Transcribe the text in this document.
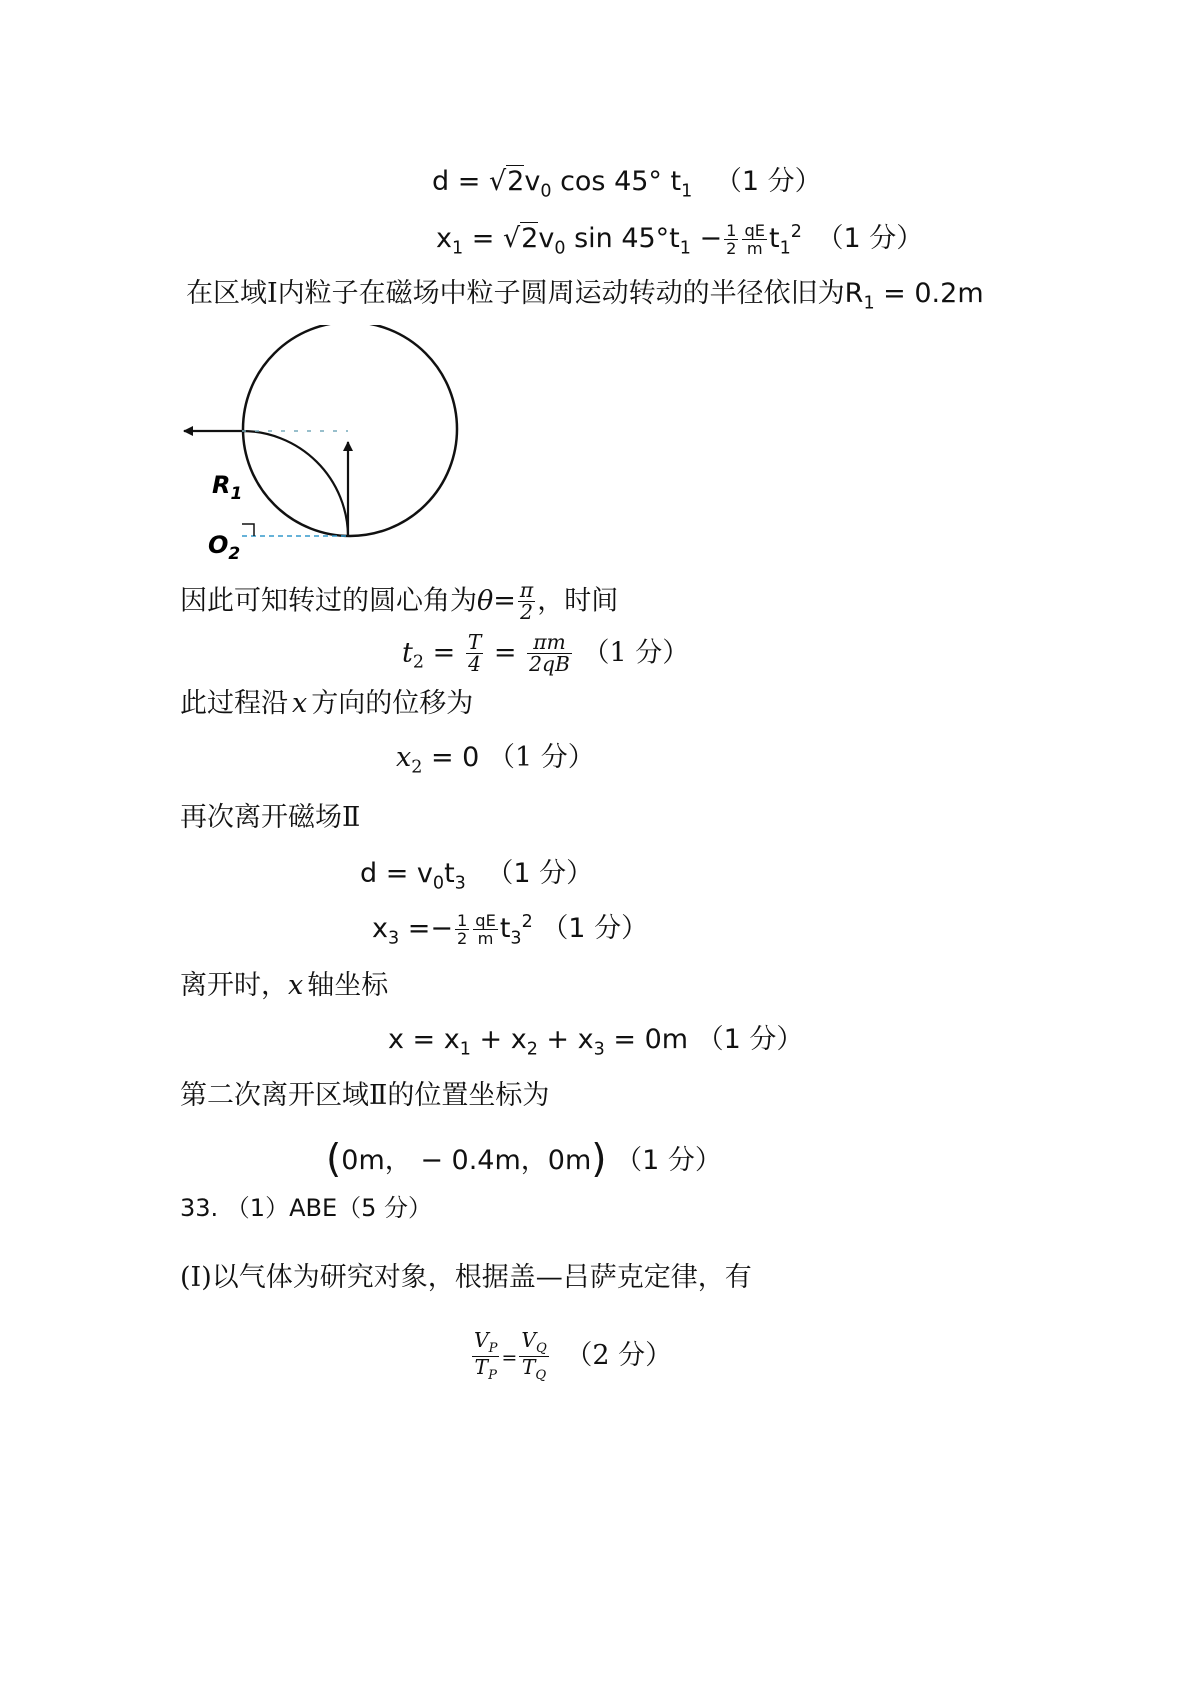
$d = √2v_0$ cos 45° $t_1$ （1 分）
$x_1 = √2v_0$ $\sin 45^\circ t_1 - \frac{1}{2} \frac{qE}{m} t_1^2$ （1 分）
在区域Ⅰ内粒子在磁场中粒子圆周运动转动的半径依旧为$R_1 = 0.2m$
$R_1$
$O_2$
因此可知转过的圆心角为$\theta= \frac{\pi}{2}$ ，时间
$t_2 = \frac{T}{4} = \frac{\pi m}{2qB} (1$ 分）
此过程沿 x 方向的位移为
$x_2 = 0$ （1 分）
再次离开磁场Ⅱ
$d = v_0t_3$ （1 分）
$x_3 =- \frac{1}{2} \frac{qE}{m} t_3^2$ （1 分）
离开时，x 轴坐标
$x = x_1 + x_2 + x_3 = 0m$ （1 分）
第二次离开区域Ⅱ的位置坐标为
(0m， − 0.4m，0m) （1 分）
33. （1）ABE（5 分）
(Ⅰ)以气体为研究对象，根据盖—吕萨克定律，有
$\frac{V_P}{T_P} = \frac{V_Q}{T_Q} (2$ 分）
